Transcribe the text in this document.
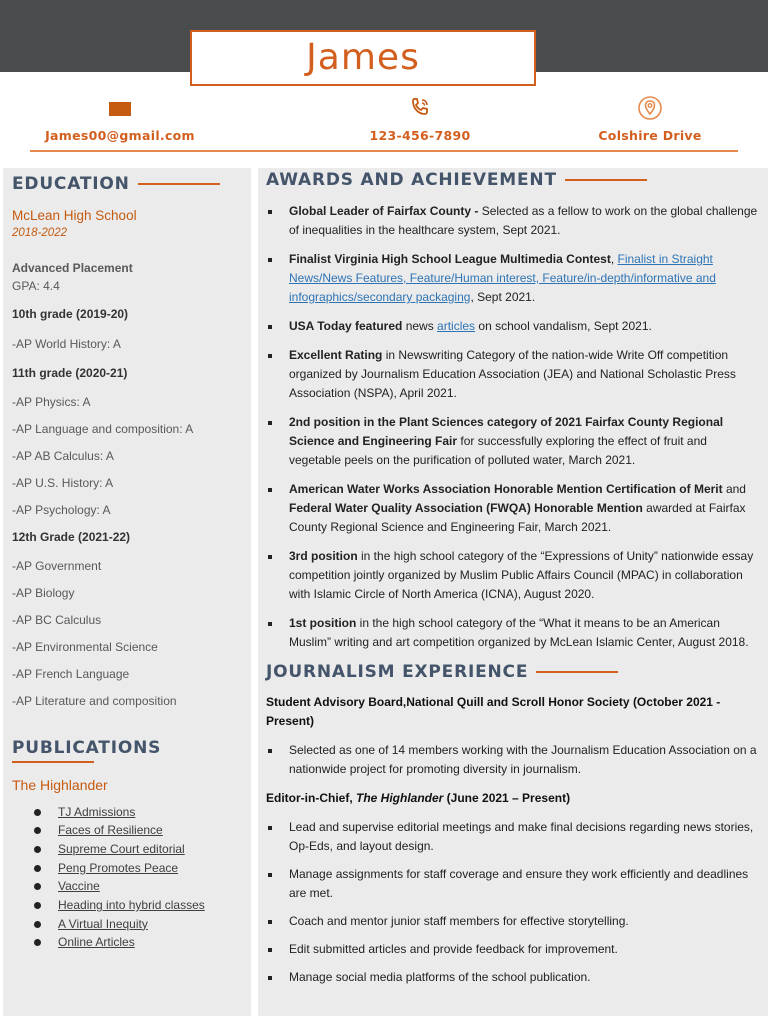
James
James00@gmail.com	123-456-7890	Colshire Drive
EDUCATION
McLean High School
2018-2022
Advanced Placement
GPA: 4.4
10th grade (2019-20)
-AP World History: A
11th grade (2020-21)
-AP Physics: A
-AP Language and composition: A
-AP AB Calculus: A
-AP U.S. History: A
-AP Psychology: A
12th Grade (2021-22)
-AP Government
-AP Biology
-AP BC Calculus
-AP Environmental Science
-AP French Language
-AP Literature and composition
PUBLICATIONS
The Highlander
TJ Admissions
Faces of Resilience
Supreme Court editorial
Peng Promotes Peace
Vaccine
Heading into hybrid classes
A Virtual Inequity
Online Articles
AWARDS AND ACHIEVEMENT
Global Leader of Fairfax County - Selected as a fellow to work on the global challenge of inequalities in the healthcare system, Sept 2021.
Finalist Virginia High School League Multimedia Contest, Finalist in Straight News/News Features, Feature/Human interest, Feature/in-depth/informative and infographics/secondary packaging, Sept 2021.
USA Today featured news articles on school vandalism, Sept 2021.
Excellent Rating in Newswriting Category of the nation-wide Write Off competition organized by Journalism Education Association (JEA) and National Scholastic Press Association (NSPA), April 2021.
2nd position in the Plant Sciences category of 2021 Fairfax County Regional Science and Engineering Fair for successfully exploring the effect of fruit and vegetable peels on the purification of polluted water, March 2021.
American Water Works Association Honorable Mention Certification of Merit and Federal Water Quality Association (FWQA) Honorable Mention awarded at Fairfax County Regional Science and Engineering Fair, March 2021.
3rd position in the high school category of the “Expressions of Unity” nationwide essay competition jointly organized by Muslim Public Affairs Council (MPAC) in collaboration with Islamic Circle of North America (ICNA), August 2020.
1st position in the high school category of the “What it means to be an American Muslim” writing and art competition organized by McLean Islamic Center, August 2018.
JOURNALISM EXPERIENCE
Student Advisory Board,National Quill and Scroll Honor Society (October 2021 - Present)
Selected as one of 14 members working with the Journalism Education Association on a nationwide project for promoting diversity in journalism.
Editor-in-Chief, The Highlander (June 2021 – Present)
Lead and supervise editorial meetings and make final decisions regarding news stories, Op-Eds, and layout design.
Manage assignments for staff coverage and ensure they work efficiently and deadlines are met.
Coach and mentor junior staff members for effective storytelling.
Edit submitted articles and provide feedback for improvement.
Manage social media platforms of the school publication.
